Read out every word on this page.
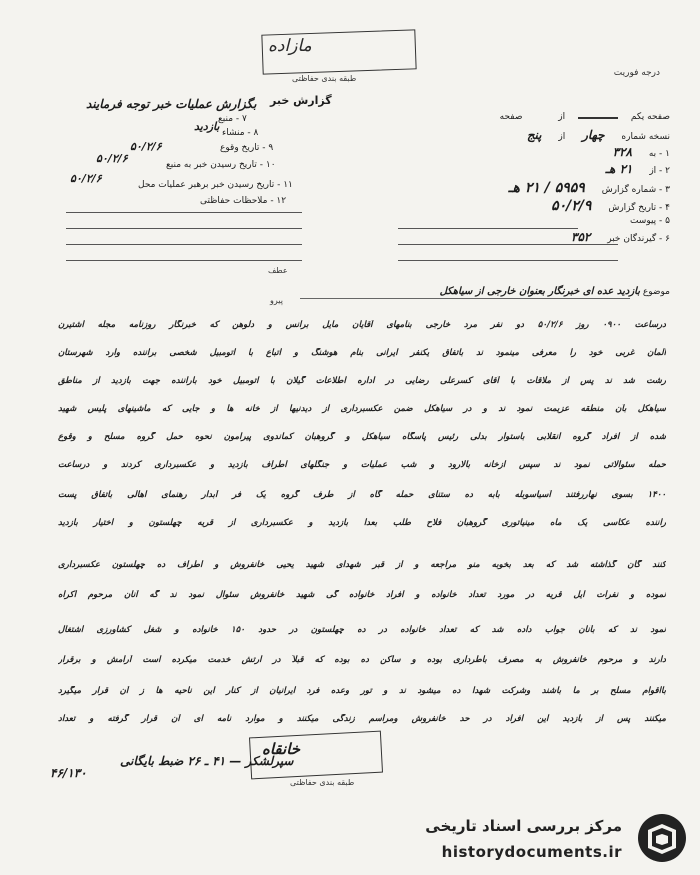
مازاده
طبقه بندی حفاظتی
درجه فوریت
گزارش خبر
صفحه یکم  از  صفحه
نسخه شماره چهار از پنج
۱ - به ۳۲۸
۲ - از ۲۱ هـ
۳ - شماره گزارش ۵۹۵۹ / ۲۱ هـ
۴ - تاریخ گزارش ۵۰/۲/۹
۵ - پیوست
۶ - گیرندگان خبر ۳۵۲
بگزارش عملیات خبر توجه فرمایند
بازدید
۷ - منبع
۸ - منشاء
۹ - تاریخ وقوع
۵۰/۲/۶
۱۰ - تاریخ رسیدن خبر به منبع
۵۰/۲/۶
۱۱ - تاریخ رسیدن خبر برهبر عملیات محل
۵۰/۲/۶
۱۲ - ملاحظات حفاظتی
عطف
پیرو
موضوع بازدید عده ای خبرنگار بعنوان خارجی از سیاهکل
درساعت ۰۹۰۰ روز ۵۰/۲/۶ دو نفر مرد خارجی بنامهای آقایان مایل برانس و دلوهن که خبرنگار روزنامه مجله اشتیرن
آلمان غربی خود را معرفی مینمود ند باتفاق یکنفر ایرانی بنام هوشنگ و اتباع با اتومبیل شخصی براننده وارد شهرستان
رشت شد ند پس از ملاقات با آقای کسرعلی رضایی در اداره اطلاعات گیلان با اتومبیل خود باراننده جهت بازدید از مناطق
سیاهکل بآن منطقه عزیمت نمود ند و در سیاهکل ضمن عکسبرداری از دیدنیها از خانه ها و جایی که ماشینهای پلیس شهید
شده از افراد گروه انقلابی باستوار بدلی رئیس پاسگاه سیاهکل و گروهبان کماندوی پیرامون نحوه حمل گروه مسلح و وقوع
حمله سئوالاتی نمود ند سپس ازخانه بالارود و شب عملیات و جنگلهای اطراف بازدید و عکسبرداری کردند و درساعت
۱۴۰۰ بسوی نهاررفتند آسیاسوبله بابه ده ستنای حمله گاه از طرف گروه یک فر آبدار رهنمای اهالی باتفاق پست
راننده عکاسی یک ماه مینیاتوری گروهبان فلاح طلب بعداً بازدید و عکسبرداری از قریه چهلستون و اختیار بازدید
کنند گان گذاشته شد که بعد بخوبه منو مراجعه و از قبر شهدای شهید یحیی خانفروش و اطراف ده چهلستون عکسبرداری
نموده و نفرات ایل قریه در مورد تعداد خانواده و افراد خانواده گی شهید خانفروش سئوال نمود ند گه آنان مرحوم اکراه
نمود ند که بآنان جواب داده شد که تعداد خانواده در ده چهلستون در حدود ۱۵۰ خانواده و شغل کشاورزی اشتغال
دارند و مرحوم خانفروش به مصرف باطرداری بوده و ساکن ده بوده که قبلاً در ارتش خدمت میکرده است آرامش و برقرار
بااقوام مسلح بر ما باشند وشرکت شهدا ده میشود ند و تور وعده فرد ایرانیان از کنار این ناحیه ها ز آن قرار میگیرد
میکنند پس از بازدید این افراد در حد خانفروش ومراسم زندگی میکنند و موارد نامه ای آن قرار گرفته و تعداد
خانقاه
سپرلشکر — ۴۱ ـ ۲۶ ضبط بایگانی
طبقه بندی حفاظتی
۴۶/۱۳۰
مرکز بررسی اسناد تاریخی
historydocuments.ir
